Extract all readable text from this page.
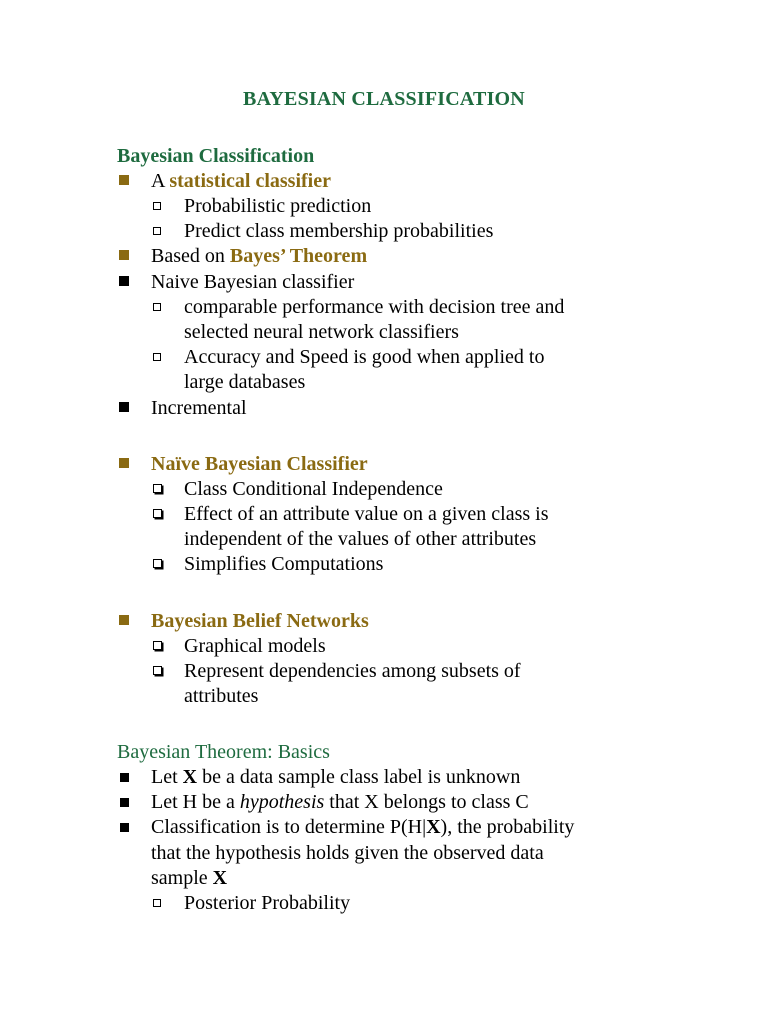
BAYESIAN CLASSIFICATION
Bayesian Classification
A statistical classifier
Probabilistic prediction
Predict class membership probabilities
Based on Bayes’ Theorem
Naive Bayesian classifier
comparable performance with decision tree and
selected neural network classifiers
Accuracy and Speed is good when applied to
large databases
Incremental
Naïve Bayesian Classifier
Class Conditional Independence
Effect of an attribute value on a given class is
independent of the values of other attributes
Simplifies Computations
Bayesian Belief Networks
Graphical models
Represent dependencies among subsets of
attributes
Bayesian Theorem: Basics
Let X be a data sample class label is unknown
Let H be a hypothesis that X belongs to class C
Classification is to determine P(H|X), the probability
that the hypothesis holds given the observed data
sample X
Posterior Probability
